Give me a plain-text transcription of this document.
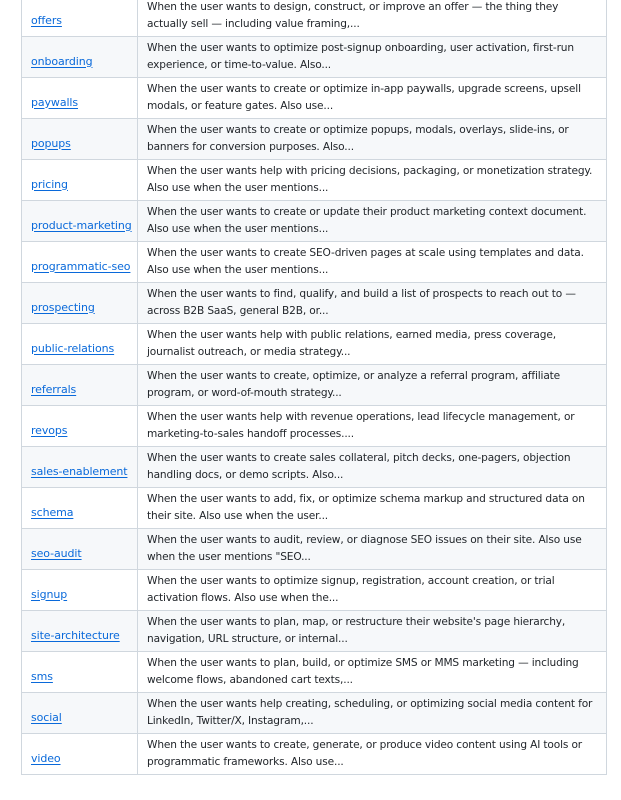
offers	When the user wants to design, construct, or improve an offer — the thing they actually sell — including value framing,...

onboarding	When the user wants to optimize post-signup onboarding, user activation, first-run experience, or time-to-value. Also...

paywalls	When the user wants to create or optimize in-app paywalls, upgrade screens, upsell modals, or feature gates. Also use...

popups	When the user wants to create or optimize popups, modals, overlays, slide-ins, or banners for conversion purposes. Also...

pricing	When the user wants help with pricing decisions, packaging, or monetization strategy. Also use when the user mentions...

product-marketing	When the user wants to create or update their product marketing context document. Also use when the user mentions...

programmatic-seo	When the user wants to create SEO-driven pages at scale using templates and data. Also use when the user mentions...

prospecting	When the user wants to find, qualify, and build a list of prospects to reach out to — across B2B SaaS, general B2B, or...

public-relations	When the user wants help with public relations, earned media, press coverage, journalist outreach, or media strategy...

referrals	When the user wants to create, optimize, or analyze a referral program, affiliate program, or word-of-mouth strategy...

revops	When the user wants help with revenue operations, lead lifecycle management, or marketing-to-sales handoff processes....

sales-enablement	When the user wants to create sales collateral, pitch decks, one-pagers, objection handling docs, or demo scripts. Also...

schema	When the user wants to add, fix, or optimize schema markup and structured data on their site. Also use when the user...

seo-audit	When the user wants to audit, review, or diagnose SEO issues on their site. Also use when the user mentions "SEO...

signup	When the user wants to optimize signup, registration, account creation, or trial activation flows. Also use when the...

site-architecture	When the user wants to plan, map, or restructure their website's page hierarchy, navigation, URL structure, or internal...

sms	When the user wants to plan, build, or optimize SMS or MMS marketing — including welcome flows, abandoned cart texts,...

social	When the user wants help creating, scheduling, or optimizing social media content for LinkedIn, Twitter/X, Instagram,...

video	When the user wants to create, generate, or produce video content using AI tools or programmatic frameworks. Also use...
